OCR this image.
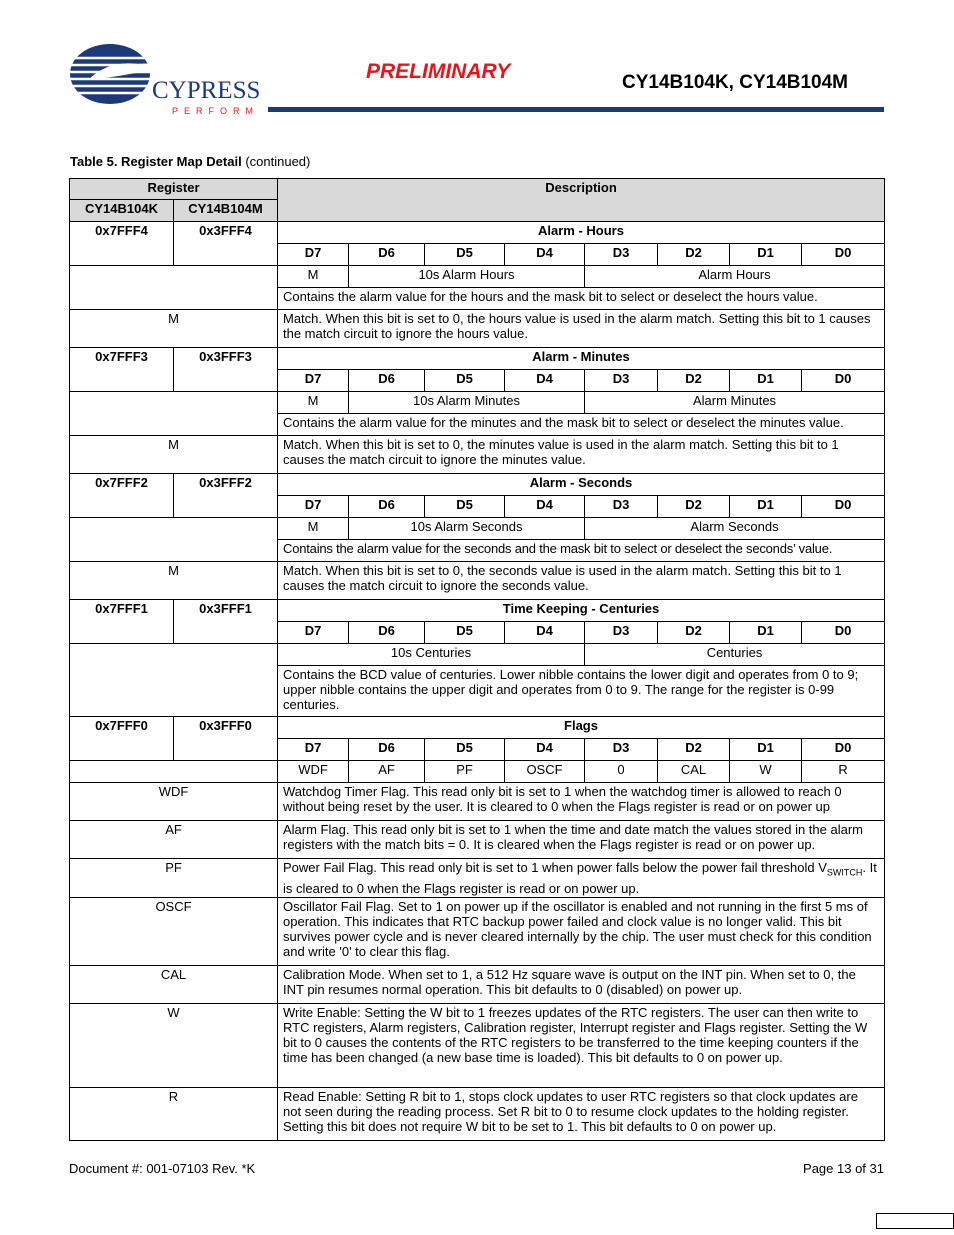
CYPRESS
PERFORM
PRELIMINARY	CY14B104K, CY14B104M
Table 5. Register Map Detail (continued)
Register		Description							
CY14B104K	CY14B104M								
0x7FFF4	0x3FFF4	Alarm - Hours							
		D7	D6	D5	D4	D3	D2	D1	D0
		M	10s Alarm Hours			Alarm Hours			
		Contains the alarm value for the hours and the mask bit to select or deselect the hours value.							
M		Match. When this bit is set to 0, the hours value is used in the alarm match. Setting this bit to 1 causes the match circuit to ignore the hours value.							
0x7FFF3	0x3FFF3	Alarm - Minutes							
		D7	D6	D5	D4	D3	D2	D1	D0
		M	10s Alarm Minutes			Alarm Minutes			
		Contains the alarm value for the minutes and the mask bit to select or deselect the minutes value.							
M		Match. When this bit is set to 0, the minutes value is used in the alarm match. Setting this bit to 1 causes the match circuit to ignore the minutes value.							
0x7FFF2	0x3FFF2	Alarm - Seconds							
		D7	D6	D5	D4	D3	D2	D1	D0
		M	10s Alarm Seconds			Alarm Seconds			
		Contains the alarm value for the seconds and the mask bit to select or deselect the seconds’ value.							
M		Match. When this bit is set to 0, the seconds value is used in the alarm match. Setting this bit to 1 causes the match circuit to ignore the seconds value.							
0x7FFF1	0x3FFF1	Time Keeping - Centuries							
		D7	D6	D5	D4	D3	D2	D1	D0
		10s Centuries				Centuries			
		Contains the BCD value of centuries. Lower nibble contains the lower digit and operates from 0 to 9; upper nibble contains the upper digit and operates from 0 to 9. The range for the register is 0-99 centuries.							
0x7FFF0	0x3FFF0	Flags							
		D7	D6	D5	D4	D3	D2	D1	D0
		WDF	AF	PF	OSCF	0	CAL	W	R
WDF		Watchdog Timer Flag. This read only bit is set to 1 when the watchdog timer is allowed to reach 0 without being reset by the user. It is cleared to 0 when the Flags register is read or on power up							
AF		Alarm Flag. This read only bit is set to 1 when the time and date match the values stored in the alarm registers with the match bits = 0. It is cleared when the Flags register is read or on power up.							
PF		Power Fail Flag. This read only bit is set to 1 when power falls below the power fail threshold $V_{SWITCH}$. It is cleared to 0 when the Flags register is read or on power up.							
OSCF		Oscillator Fail Flag. Set to 1 on power up if the oscillator is enabled and not running in the first 5 ms of operation. This indicates that RTC backup power failed and clock value is no longer valid. This bit survives power cycle and is never cleared internally by the chip. The user must check for this condition and write '0' to clear this flag.							
CAL		Calibration Mode. When set to 1, a 512 Hz square wave is output on the INT pin. When set to 0, the INT pin resumes normal operation. This bit defaults to 0 (disabled) on power up.							
W		Write Enable: Setting the W bit to 1 freezes updates of the RTC registers. The user can then write to RTC registers, Alarm registers, Calibration register, Interrupt register and Flags register. Setting the W bit to 0 causes the contents of the RTC registers to be transferred to the time keeping counters if the time has been changed (a new base time is loaded). This bit defaults to 0 on power up.							
R		Read Enable: Setting R bit to 1, stops clock updates to user RTC registers so that clock updates are not seen during the reading process. Set R bit to 0 to resume clock updates to the holding register. Setting this bit does not require W bit to be set to 1. This bit defaults to 0 on power up.							
Document #: 001-07103 Rev. *K	Page 13 of 31
